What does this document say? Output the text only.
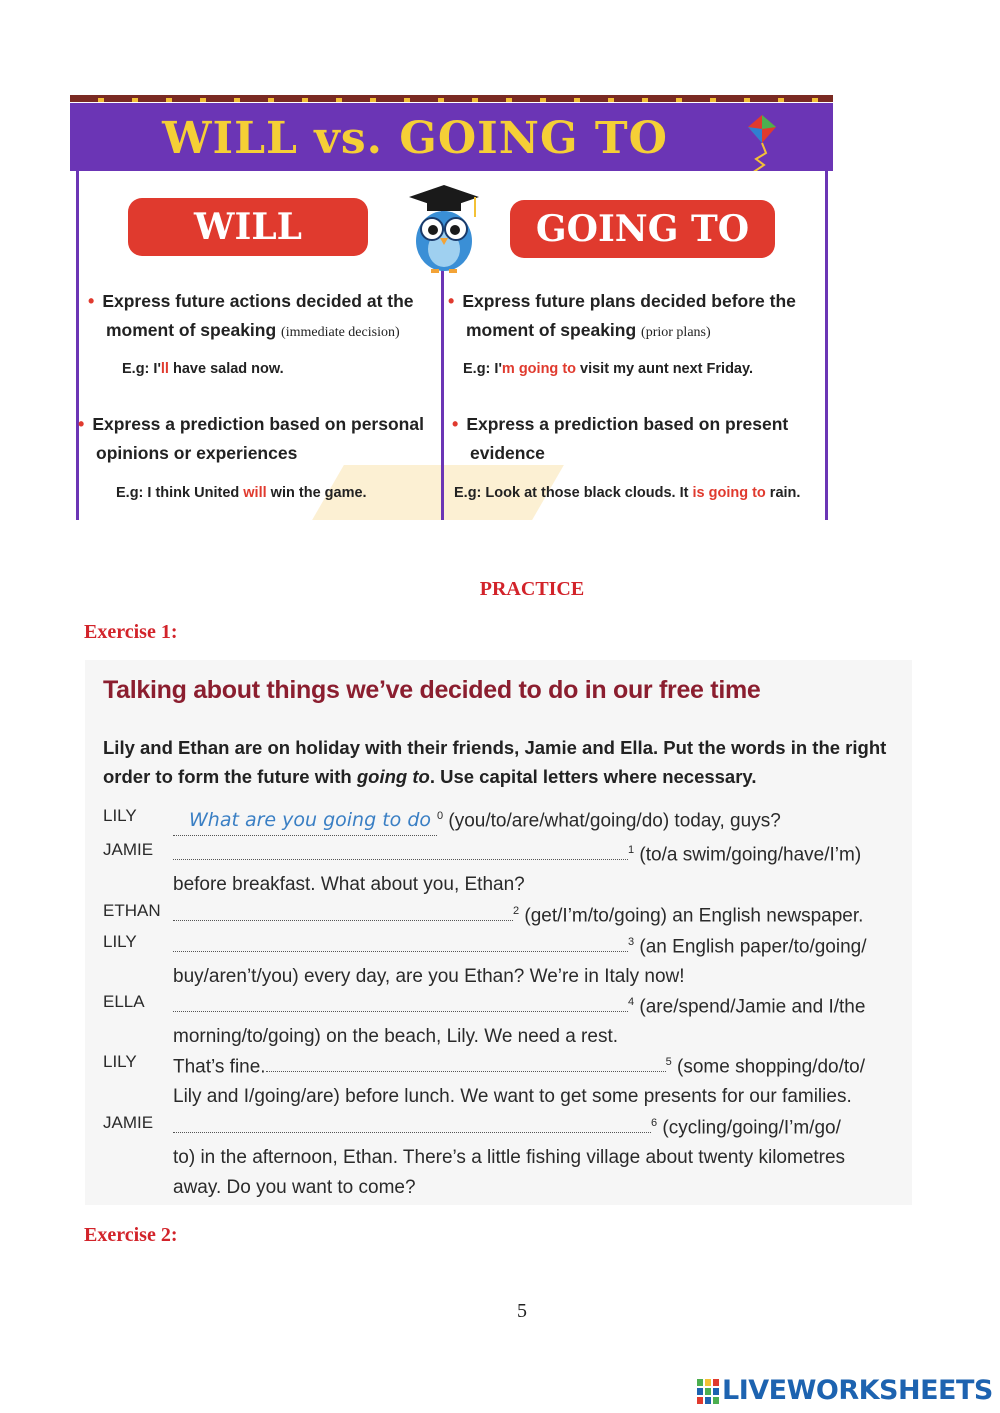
WILL vs. GOING TO
WILL	GOING TO
• Express future actions decided at the
moment of speaking (immediate decision)
E.g: I'll have salad now.
• Express a prediction based on personal
opinions or experiences
E.g: I think United will win the game.
• Express future plans decided before the
moment of speaking (prior plans)
E.g: I'm going to visit my aunt next Friday.
• Express a prediction based on present
evidence
E.g: Look at those black clouds. It is going to rain.
PRACTICE
Exercise 1:
Talking about things we’ve decided to do in our free time
Lily and Ethan are on holiday with their friends, Jamie and Ella. Put the words in the right order to form the future with going to. Use capital letters where necessary.
LILY	What are you going to do $^0$ (you/to/are/what/going/do) today, guys?
JAMIE	$^1$ (to/a swim/going/have/I’m)
before breakfast. What about you, Ethan?
ETHAN	$^2$ (get/I’m/to/going) an English newspaper.
LILY	$^3$ (an English paper/to/going/
buy/aren’t/you) every day, are you Ethan? We’re in Italy now!
ELLA	$^4$ (are/spend/Jamie and I/the
morning/to/going) on the beach, Lily. We need a rest.
LILY	That’s fine.	$^5$ (some shopping/do/to/
Lily and I/going/are) before lunch. We want to get some presents for our families.
JAMIE	$^6$ (cycling/going/I’m/go/
to) in the afternoon, Ethan. There’s a little fishing village about twenty kilometres
away. Do you want to come?
Exercise 2:
5
LIVEWORKSHEETS
